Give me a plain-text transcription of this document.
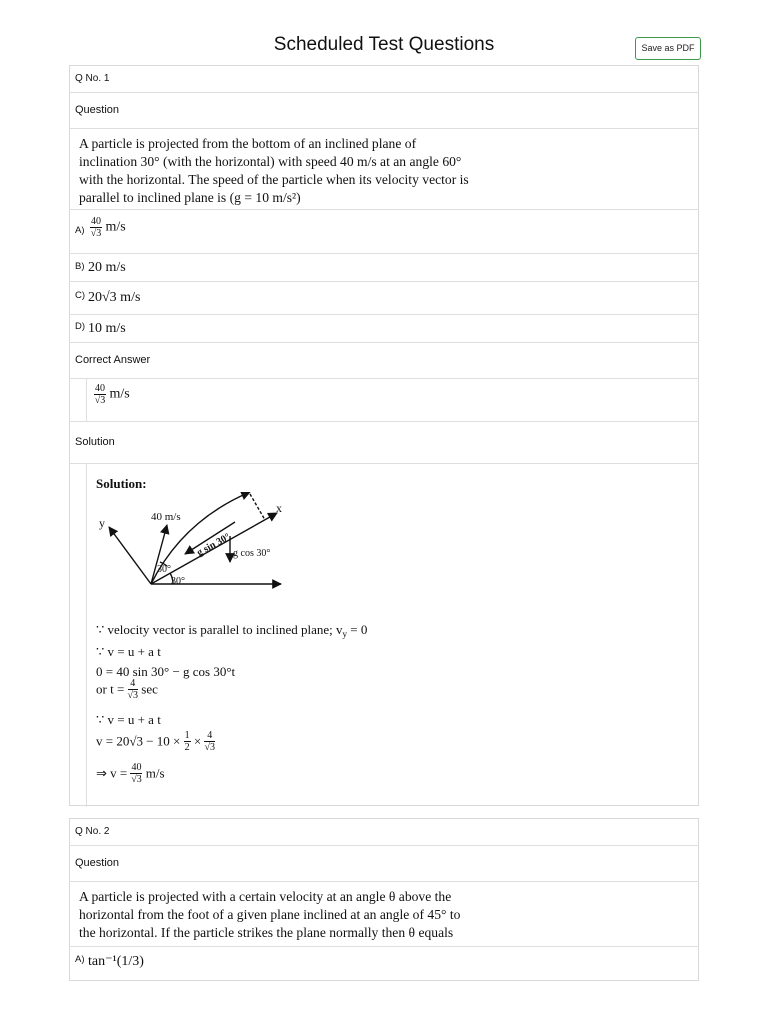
Scheduled Test Questions	Save as PDF
Q No. 1
Question
A particle is projected from the bottom of an inclined plane of
inclination 30° (with the horizontal) with speed 40 m/s at an angle 60°
with the horizontal. The speed of the particle when its velocity vector is
parallel to inclined plane is (g = 10 m/s²)
$A) \frac{40}{√3} m/s$
B) 20 m/s
C) 20√3 m/s
D) 10 m/s
Correct Answer
$\frac{40}{√3} m/s$
Solution
Solution:
40 m/s
y
x
g sin 30° g cos 30°
30°
30°
∵ velocity vector is parallel to inclined plane; $v_y = 0$
∵ v = u + a t
0 = 40 sin 30° − g cos 30°t
or $t = \frac{4}{√3}$ sec
∵ v = u + a t
$v = 20√3 - 10 \times \frac{1}{2} \times \frac{4}{√3}$
⇒ $v = \frac{40}{√3} m/s$
Q No. 2
Question
A particle is projected with a certain velocity at an angle θ above the
horizontal from the foot of a given plane inclined at an angle of 45° to
the horizontal. If the particle strikes the plane normally then θ equals
A) tan⁻¹(1/3)
